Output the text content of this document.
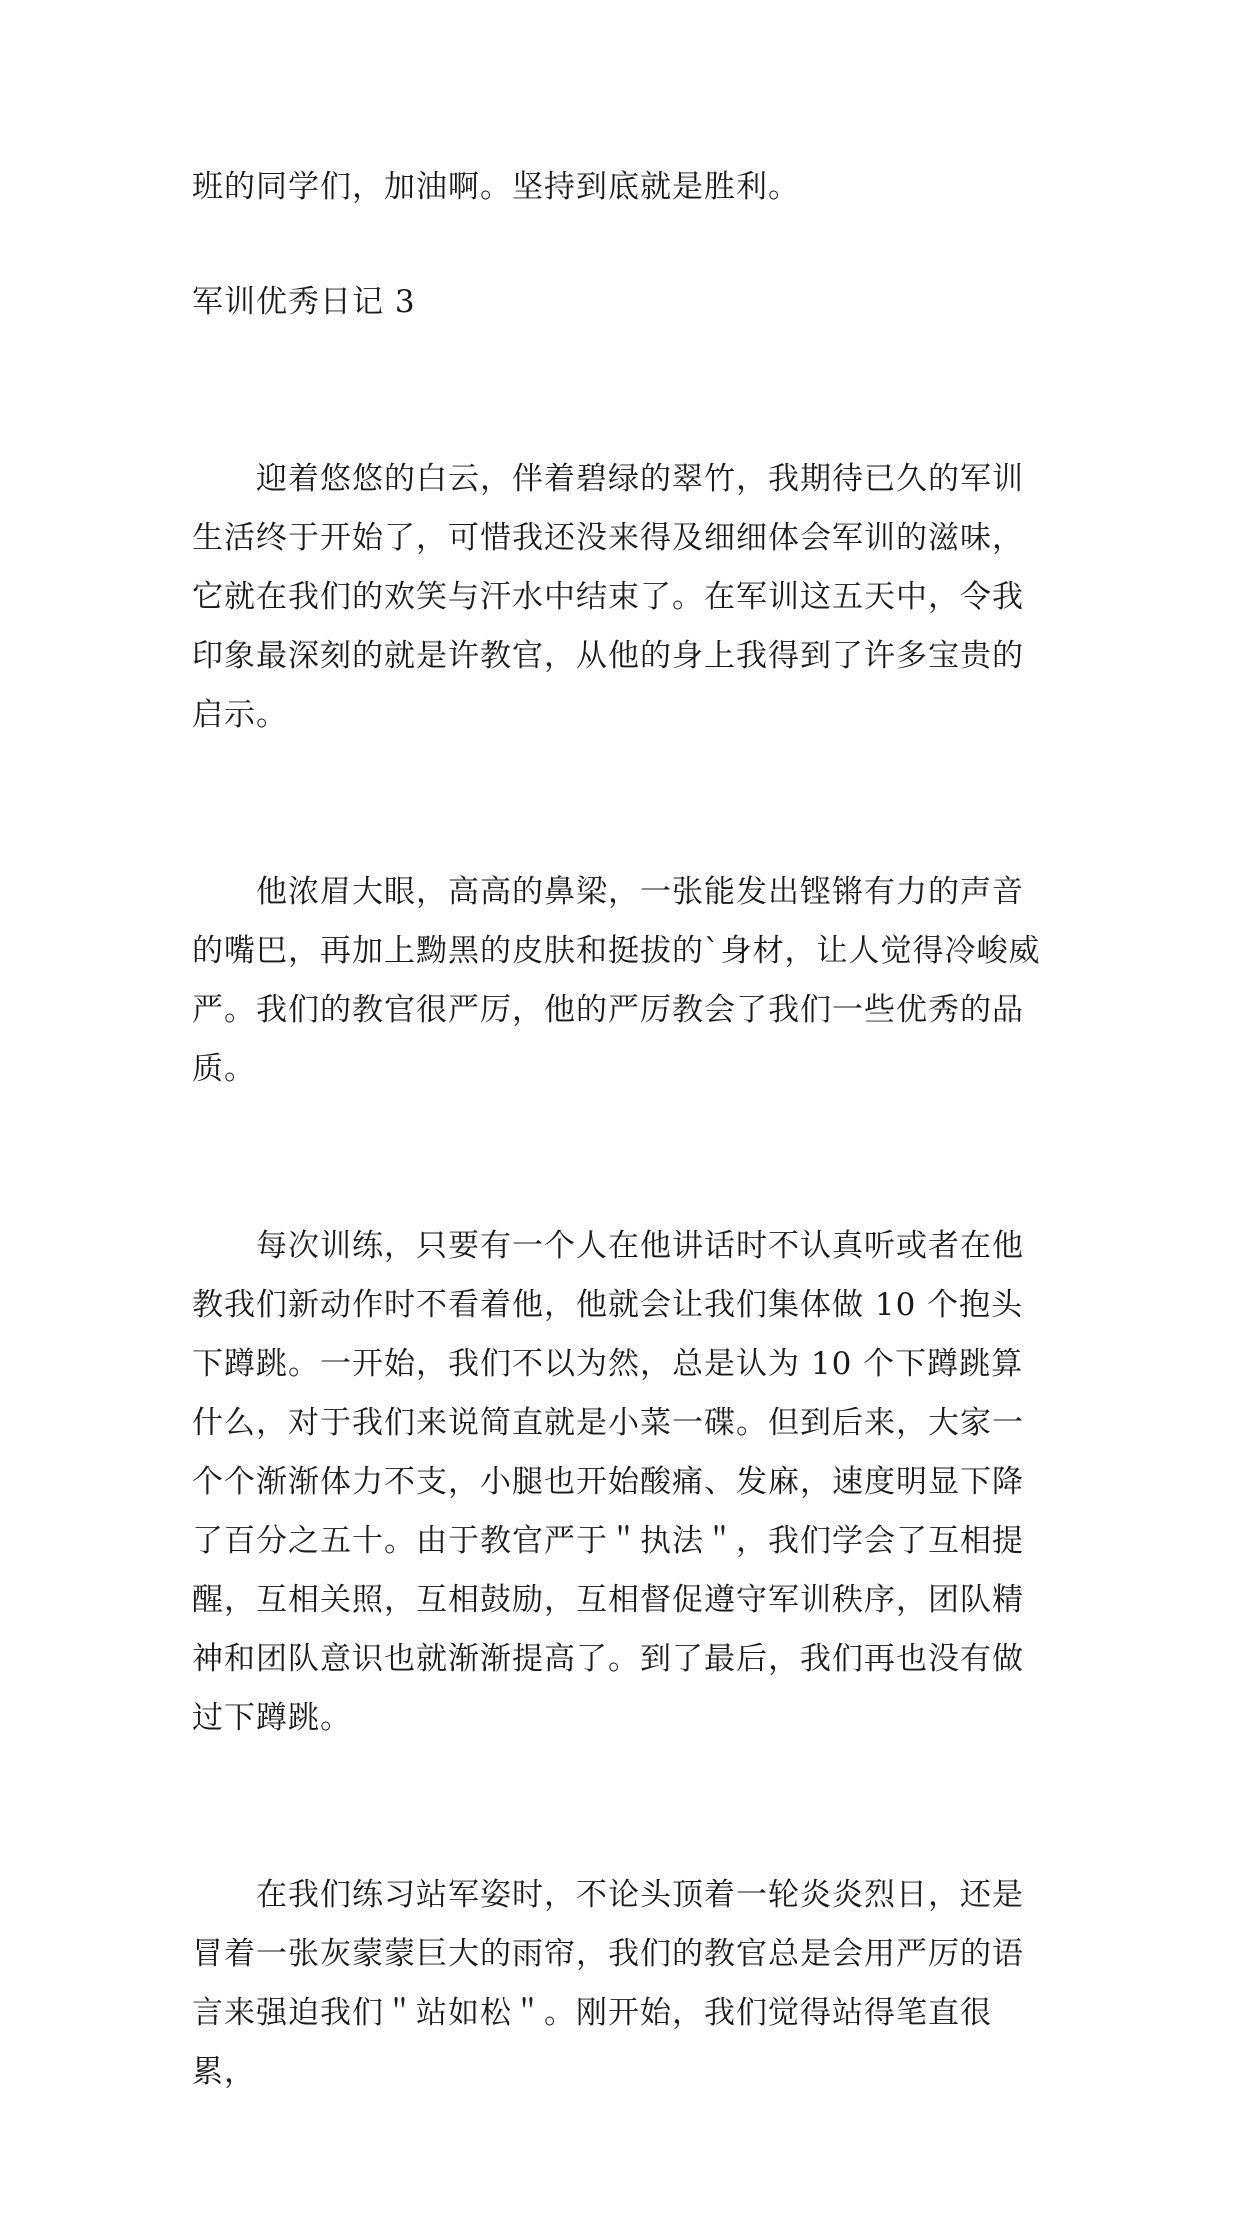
班的同学们，加油啊。坚持到底就是胜利。
军训优秀日记 3

迎着悠悠的白云，伴着碧绿的翠竹，我期待已久的军训生活终于开始了，可惜我还没来得及细细体会军训的滋味，它就在我们的欢笑与汗水中结束了。在军训这五天中，令我印象最深刻的就是许教官，从他的身上我得到了许多宝贵的启示。

他浓眉大眼，高高的鼻梁，一张能发出铿锵有力的声音的嘴巴，再加上黝黑的皮肤和挺拔的`身材，让人觉得冷峻威严。我们的教官很严厉，他的严厉教会了我们一些优秀的品质。

每次训练，只要有一个人在他讲话时不认真听或者在他教我们新动作时不看着他，他就会让我们集体做 10 个抱头下蹲跳。一开始，我们不以为然，总是认为 10 个下蹲跳算什么，对于我们来说简直就是小菜一碟。但到后来，大家一个个渐渐体力不支，小腿也开始酸痛、发麻，速度明显下降了百分之五十。由于教官严于＂执法＂，我们学会了互相提醒，互相关照，互相鼓励，互相督促遵守军训秩序，团队精神和团队意识也就渐渐提高了。到了最后，我们再也没有做过下蹲跳。

在我们练习站军姿时，不论头顶着一轮炎炎烈日，还是冒着一张灰蒙蒙巨大的雨帘，我们的教官总是会用严厉的语言来强迫我们＂站如松＂。刚开始，我们觉得站得笔直很累，
